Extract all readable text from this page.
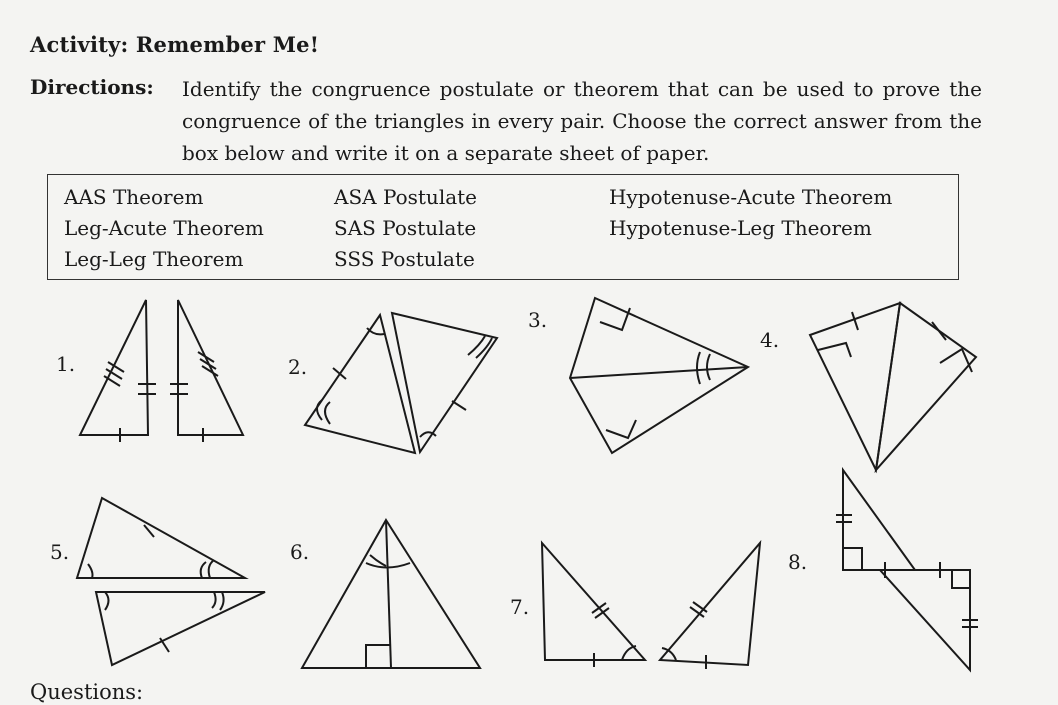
Activity: Remember Me!
Directions: Identify the congruence postulate or theorem that can be used to prove the congruence of the triangles in every pair. Choose the correct answer from the box below and write it on a separate sheet of paper.
AAS Theorem	ASA Postulate	Hypotenuse-Acute Theorem
Leg-Acute Theorem	SAS Postulate	Hypotenuse-Leg Theorem
Leg-Leg Theorem	SSS Postulate
1.	2.
3.
4.
5.	6.
7.
8.
Questions:
